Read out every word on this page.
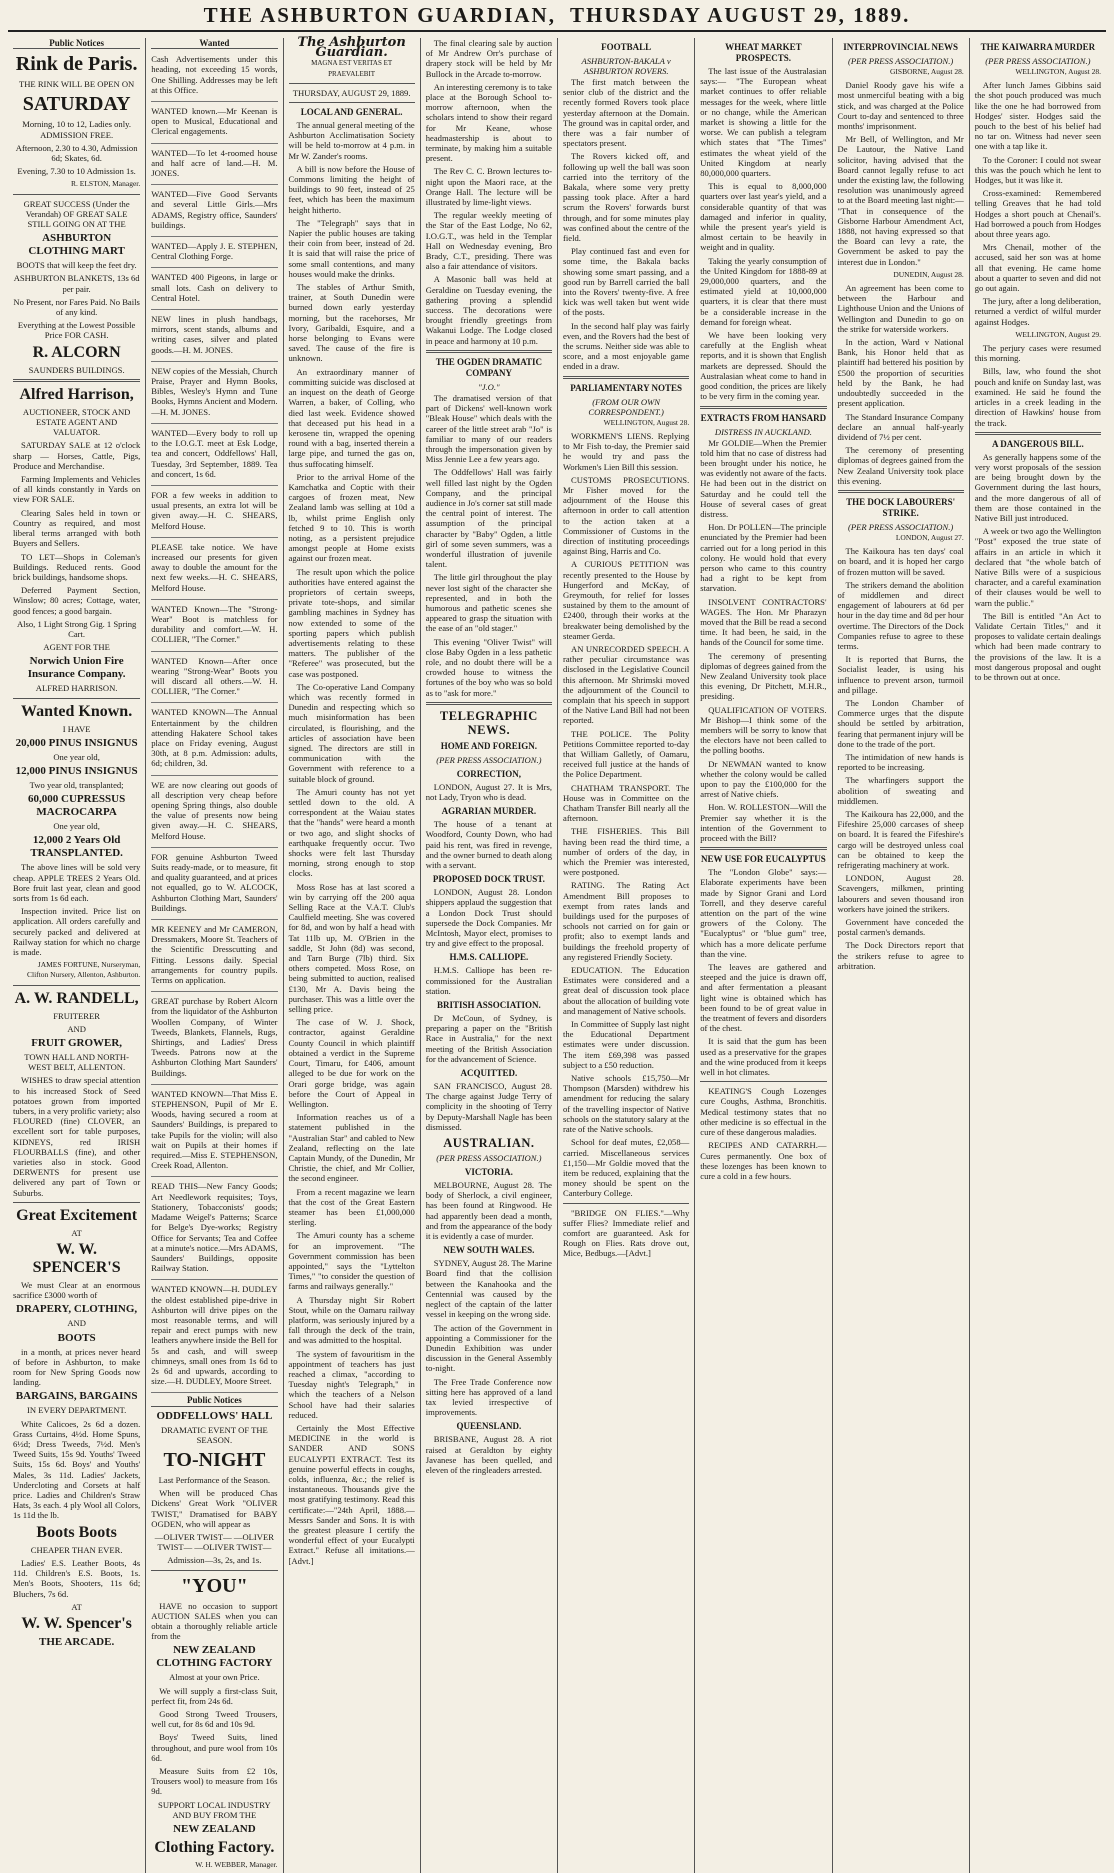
THE ASHBURTON GUARDIAN, THURSDAY AUGUST 29, 1889.
Public Notices
Rink de Paris.

THE RINK WILL BE OPEN ON

SATURDAY

Morning, 10 to 12, Ladies only. ADMISSION FREE.

Afternoon, 2.30 to 4.30, Admission 6d; Skates, 6d.

Evening, 7.30 to 10 Admission 1s.

R. ELSTON, Manager.

GREAT SUCCESS (Under the Verandah) OF GREAT SALE STILL GOING ON AT THE

ASHBURTON CLOTHING MART

BOOTS that will keep the feet dry.

ASHBURTON BLANKETS, 13s 6d per pair.

No Present, nor Fares Paid. No Bails of any kind.

Everything at the Lowest Possible Price FOR CASH.

R. ALCORN

SAUNDERS BUILDINGS.

Alfred Harrison,

AUCTIONEER, STOCK AND ESTATE AGENT AND VALUATOR.

SATURDAY SALE at 12 o'clock sharp — Horses, Cattle, Pigs, Produce and Merchandise.

Farming Implements and Vehicles of all kinds constantly in Yards on view FOR SALE.

Clearing Sales held in town or Country as required, and most liberal terms arranged with both Buyers and Sellers.

TO LET—Shops in Coleman's Buildings. Reduced rents. Good brick buildings, handsome shops.

Deferred Payment Section, Winslow; 80 acres; Cottage, water, good fences; a good bargain.

Also, 1 Light Strong Gig. 1 Spring Cart.

AGENT FOR THE

Norwich Union Fire Insurance Company.

ALFRED HARRISON.

Wanted Known.

I HAVE

20,000 PINUS INSIGNUS

One year old,

12,000 PINUS INSIGNUS

Two year old, transplanted;

60,000 CUPRESSUS MACROCARPA

One year old,

12,000 2 Years Old TRANSPLANTED.

The above lines will be sold very cheap. APPLE TREES 2 Years Old. Bore fruit last year, clean and good sorts from 1s 6d each.

Inspection invited. Price list on application. All orders carefully and securely packed and delivered at Railway station for which no charge is made.

JAMES FORTUNE, Nurseryman, Clifton Nursery, Allenton, Ashburton.

A. W. RANDELL,

FRUITERER

AND

FRUIT GROWER,

TOWN HALL AND NORTH-WEST BELT, ALLENTON.

WISHES to draw special attention to his increased Stock of Seed potatoes grown from imported tubers, in a very prolific variety; also FLOURED (fine) CLOVER, an excellent sort for table purposes, KIDNEYS, red IRISH FLOURBALLS (fine), and other varieties also in stock. Good DERWENTS for present use delivered any part of Town or Suburbs.

Great Excitement

AT

W. W. SPENCER'S

We must Clear at an enormous sacrifice £3000 worth of

DRAPERY, CLOTHING,

AND

BOOTS

in a month, at prices never heard of before in Ashburton, to make room for New Spring Goods now landing.

BARGAINS, BARGAINS

IN EVERY DEPARTMENT.

White Calicoes, 2s 6d a dozen. Grass Curtains, 4½d. Home Spuns, 6½d; Dress Tweeds, 7½d. Men's Tweed Suits, 15s 9d. Youths' Tweed Suits, 15s 6d. Boys' and Youths' Males, 3s 11d. Ladies' Jackets, Undercloting and Corsets at half price. Ladies and Children's Straw Hats, 3s each. 4 ply Wool all Colors, 1s 11d the lb.

Boots Boots

CHEAPER THAN EVER.

Ladies' E.S. Leather Boots, 4s 11d. Children's E.S. Boots, 1s. Men's Boots, Shooters, 11s 6d; Bluchers, 7s 6d.

AT

W. W. Spencer's
THE ARCADE.
Wanted

Cash Advertisements under this heading, not exceeding 15 words, One Shilling. Addresses may be left at this Office.

WANTED known.—Mr Keenan is open to Musical, Educational and Clerical engagements.

WANTED—To let 4-roomed house and half acre of land.—H. M. JONES.

WANTED—Five Good Servants and several Little Girls.—Mrs ADAMS, Registry office, Saunders' buildings.

WANTED—Apply J. E. STEPHEN, Central Clothing Forge.

WANTED 400 Pigeons, in large or small lots. Cash on delivery to Central Hotel.

NEW lines in plush handbags, mirrors, scent stands, albums and writing cases, silver and plated goods.—H. M. JONES.

NEW copies of the Messiah, Church Praise, Prayer and Hymn Books, Bibles, Wesley's Hymn and Tune Books, Hymns Ancient and Modern.—H. M. JONES.

WANTED—Every body to roll up to the I.O.G.T. meet at Esk Lodge, tea and concert, Oddfellows' Hall, Tuesday, 3rd September, 1889. Tea and concert, 1s 6d.

FOR a few weeks in addition to usual presents, an extra lot will be given away.—H. C. SHEARS, Melford House.

PLEASE take notice. We have increased our presents for given away to double the amount for the next few weeks.—H. C. SHEARS, Melford House.

WANTED Known—The "Strong-Wear" Boot is matchless for durability and comfort.—W. H. COLLIER, "The Corner."

WANTED Known—After once wearing "Strong-Wear" Boots you will discard all others.—W. H. COLLIER, "The Corner."

WANTED KNOWN—The Annual Entertainment by the children attending Hakatere School takes place on Friday evening, August 30th, at 8 p.m. Admission: adults, 6d; children, 3d.

WE are now clearing out goods of all description very cheap before opening Spring things, also double the value of presents now being given away.—H. C. SHEARS, Melford House.

FOR genuine Ashburton Tweed Suits ready-made, or to measure, fit and quality guaranteed, and at prices not equalled, go to W. ALCOCK, Ashburton Clothing Mart, Saunders' Buildings.

MR KEENEY and Mr CAMERON, Dressmakers, Moore St. Teachers of the Scientific Dresscutting and Fitting. Lessons daily. Special arrangements for country pupils. Terms on application.

GREAT purchase by Robert Alcorn from the liquidator of the Ashburton Woollen Company, of Winter Tweeds, Blankets, Flannels, Rugs, Shirtings, and Ladies' Dress Tweeds. Patrons now at the Ashburton Clothing Mart Saunders' Buildings.

WANTED KNOWN—That Miss E. STEPHENSON, Pupil of Mr E. Woods, having secured a room at Saunders' Buildings, is prepared to take Pupils for the violin; will also wait on Pupils at their homes if required.—Miss E. STEPHENSON, Creek Road, Allenton.

READ THIS—New Fancy Goods; Art Needlework requisites; Toys, Stationery, Tobacconists' goods; Madame Weigel's Patterns; Scarce for Belge's Dye-works; Registry Office for Servants; Tea and Coffee at a minute's notice.—Mrs ADAMS, Saunders' Buildings, opposite Railway Station.

WANTED KNOWN—H. DUDLEY the oldest established pipe-drive in Ashburton will drive pipes on the most reasonable terms, and will repair and erect pumps with new leathers anywhere inside the Bell for 5s and cash, and will sweep chimneys, small ones from 1s 6d to 2s 6d and upwards, according to size.—H. DUDLEY, Moore Street.

Public Notices
ODDFELLOWS' HALL

DRAMATIC EVENT OF THE SEASON.

TO-NIGHT

Last Performance of the Season.

When will be produced Chas Dickens' Great Work "OLIVER TWIST," Dramatised for BABY OGDEN, who will appear as

—OLIVER TWIST— —OLIVER TWIST— —OLIVER TWIST—

Admission—3s, 2s, and 1s.

"YOU"

HAVE no occasion to support AUCTION SALES when you can obtain a thoroughly reliable article from the

NEW ZEALAND CLOTHING FACTORY

Almost at your own Price.

We will supply a first-class Suit, perfect fit, from 24s 6d.

Good Strong Tweed Trousers, well cut, for 8s 6d and 10s 9d.

Boys' Tweed Suits, lined throughout, and pure wool from 10s 6d.

Measure Suits from £2 10s, Trousers wool) to measure from 16s 9d.

SUPPORT LOCAL INDUSTRY AND BUY FROM THE

NEW ZEALAND
Clothing Factory.

W. H. WEBBER, Manager.

The Ashburton Guardian.

MAGNA EST VERITAS ET PRAEVALEBIT

THURSDAY, AUGUST 29, 1889.

LOCAL AND GENERAL.

The annual general meeting of the Ashburton Acclimatisation Society will be held to-morrow at 4 p.m. in Mr W. Zander's rooms.

A bill is now before the House of Commons limiting the height of buildings to 90 feet, instead of 25 feet, which has been the maximum height hitherto.

The "Telegraph" says that in Napier the public houses are taking their coin from beer, instead of 2d. It is said that will raise the price of some small contentions, and many houses would make the drinks.

The stables of Arthur Smith, trainer, at South Dunedin were burned down early yesterday morning, but the racehorses, Mr Ivory, Garibaldi, Esquire, and a horse belonging to Evans were saved. The cause of the fire is unknown.

An extraordinary manner of committing suicide was disclosed at an inquest on the death of George Warren, a baker, of Colling, who died last week. Evidence showed that deceased put his head in a kerosene tin, wrapped the opening round with a bag, inserted therein a large pipe, and turned the gas on, thus suffocating himself.

Prior to the arrival Home of the Kamchatka and Coptic with their cargoes of frozen meat, New Zealand lamb was selling at 10d a lb, whilst prime English only fetched 9 to 10. This is worth noting, as a persistent prejudice amongst people at Home exists against our frozen meat.

The result upon which the police authorities have entered against the proprietors of certain sweeps, private tote-shops, and similar gambling machines in Sydney has now extended to some of the sporting papers which publish advertisements relating to these matters. The publisher of the "Referee" was prosecuted, but the case was postponed.

The Co-operative Land Company which was recently formed in Dunedin and respecting which so much misinformation has been circulated, is flourishing, and the articles of association have been signed. The directors are still in communication with the Government with reference to a suitable block of ground.

The Amuri county has not yet settled down to the old. A correspondent at the Waiau states that the "hands" were heard a month or two ago, and slight shocks of earthquake frequently occur. Two shocks were felt last Thursday morning, strong enough to stop clocks.

Moss Rose has at last scored a win by carrying off the 200 aqua Selling Race at the V.A.T. Club's Caulfield meeting. She was covered for 8d, and won by half a head with Tat 11lb up, M. O'Brien in the saddle, St John (8d) was second, and Tarn Burge (7lb) third. Six others competed. Moss Rose, on being submitted to auction, realised £130, Mr A. Davis being the purchaser. This was a little over the selling price.

The case of W. J. Shock, contractor, against Geraldine County Council in which plaintiff obtained a verdict in the Supreme Court, Timaru, for £406, amount alleged to be due for work on the Orari gorge bridge, was again before the Court of Appeal in Wellington.

Information reaches us of a statement published in the "Australian Star" and cabled to New Zealand, reflecting on the late Captain Mundy, of the Dunedin, Mr Christie, the chief, and Mr Collier, the second engineer.

From a recent magazine we learn that the cost of the Great Eastern steamer has been £1,000,000 sterling.

The Amuri county has a scheme for an improvement. "The Government commission has been appointed," says the "Lyttelton Times," "to consider the question of farms and railways generally."

A Thursday night Sir Robert Stout, while on the Oamaru railway platform, was seriously injured by a fall through the deck of the train, and was admitted to the hospital.

The system of favouritism in the appointment of teachers has just reached a climax, "according to Tuesday night's Telegraph," in which the teachers of a Nelson School have had their salaries reduced.

Certainly the Most Effective MEDICINE in the world is SANDER AND SONS EUCALYPTI EXTRACT. Test its genuine powerful effects in coughs, colds, influenza, &c.; the relief is instantaneous. Thousands give the most gratifying testimony. Read this certificate:—"24th April, 1888.—Messrs Sander and Sons. It is with the greatest pleasure I certify the wonderful effect of your Eucalypti Extract." Refuse all imitations.—[Advt.]

The final clearing sale by auction of Mr Andrew Orr's purchase of drapery stock will be held by Mr Bullock in the Arcade to-morrow.

An interesting ceremony is to take place at the Borough School to-morrow afternoon, when the scholars intend to show their regard for Mr Keane, whose headmastership is about to terminate, by making him a suitable present.

The Rev C. C. Brown lectures to-night upon the Maori race, at the Orange Hall. The lecture will be illustrated by lime-light views.

The regular weekly meeting of the Star of the East Lodge, No 62, I.O.G.T., was held in the Templar Hall on Wednesday evening, Bro Brady, C.T., presiding. There was also a fair attendance of visitors.

A Masonic ball was held at Geraldine on Tuesday evening, the gathering proving a splendid success. The decorations were brought friendly greetings from Wakanui Lodge. The Lodge closed in peace and harmony at 10 p.m.

THE OGDEN DRAMATIC COMPANY
"J.O."

The dramatised version of that part of Dickens' well-known work "Bleak House" which deals with the career of the little street arab "Jo" is familiar to many of our readers through the impersonation given by Miss Jennie Lee a few years ago.

The Oddfellows' Hall was fairly well filled last night by the Ogden Company, and the principal audience in Jo's corner sat still made the central point of interest. The assumption of the principal character by "Baby" Ogden, a little girl of some seven summers, was a wonderful illustration of juvenile talent.

The little girl throughout the play never lost sight of the character she represented, and in both the humorous and pathetic scenes she appeared to grasp the situation with the ease of an "old stager."

This evening "Oliver Twist" will close Baby Ogden in a less pathetic role, and no doubt there will be a crowded house to witness the fortunes of the boy who was so bold as to "ask for more."

TELEGRAPHIC NEWS.
HOME AND FOREIGN.
(PER PRESS ASSOCIATION.)
CORRECTION,

LONDON, August 27. It is Mrs, not Lady, Tryon who is dead.

AGRARIAN MURDER.

The house of a tenant at Woodford, County Down, who had paid his rent, was fired in revenge, and the owner burned to death along with a servant.

PROPOSED DOCK TRUST.

LONDON, August 28. London shippers applaud the suggestion that a London Dock Trust should supersede the Dock Companies. Mr McIntosh, Mayor elect, promises to try and give effect to the proposal.

H.M.S. CALLIOPE.

H.M.S. Calliope has been re-commissioned for the Australian station.

BRITISH ASSOCIATION.

Dr McCoun, of Sydney, is preparing a paper on the "British Race in Australia," for the next meeting of the British Association for the advancement of Science.

ACQUITTED.

SAN FRANCISCO, August 28. The charge against Judge Terry of complicity in the shooting of Terry by Deputy-Marshall Nagle has been dismissed.

AUSTRALIAN.
(PER PRESS ASSOCIATION.)
VICTORIA.

MELBOURNE, August 28. The body of Sherlock, a civil engineer, has been found at Ringwood. He had apparently been dead a month, and from the appearance of the body it is evidently a case of murder.

NEW SOUTH WALES.

SYDNEY, August 28. The Marine Board find that the collision between the Kanahooka and the Centennial was caused by the neglect of the captain of the latter vessel in keeping on the wrong side.

The action of the Government in appointing a Commissioner for the Dunedin Exhibition was under discussion in the General Assembly to-night.

The Free Trade Conference now sitting here has approved of a land tax levied irrespective of improvements.

QUEENSLAND.

BRISBANE, August 28. A riot raised at Geraldton by eighty Javanese has been quelled, and eleven of the ringleaders arrested.

FOOTBALL
ASHBURTON-BAKALA v ASHBURTON ROVERS.

The first match between the senior club of the district and the recently formed Rovers took place yesterday afternoon at the Domain. The ground was in capital order, and there was a fair number of spectators present.

The Rovers kicked off, and following up well the ball was soon carried into the territory of the Bakala, where some very pretty passing took place. After a hard scrum the Rovers' forwards burst through, and for some minutes play was confined about the centre of the field.

Play continued fast and even for some time, the Bakala backs showing some smart passing, and a good run by Barrell carried the ball into the Rovers' twenty-five. A free kick was well taken but went wide of the posts.

In the second half play was fairly even, and the Rovers had the best of the scrums. Neither side was able to score, and a most enjoyable game ended in a draw.

PARLIAMENTARY NOTES
(FROM OUR OWN CORRESPONDENT.)

WELLINGTON, August 28.

WORKMEN'S LIENS. Replying to Mr Fish to-day, the Premier said he would try and pass the Workmen's Lien Bill this session.

CUSTOMS PROSECUTIONS. Mr Fisher moved for the adjournment of the House this afternoon in order to call attention to the action taken at a Commissioner of Customs in the direction of instituting proceedings against Bing, Harris and Co.

A CURIOUS PETITION was recently presented to the House by Hungerford and McKay, of Greymouth, for relief for losses sustained by them to the amount of £2400, through their works at the breakwater being demolished by the steamer Gerda.

AN UNRECORDED SPEECH. A rather peculiar circumstance was disclosed in the Legislative Council this afternoon. Mr Shrimski moved the adjournment of the Council to complain that his speech in support of the Native Land Bill had not been reported.

THE POLICE. The Polity Petitions Committee reported to-day that William Galletly, of Oamaru, received full justice at the hands of the Police Department.

CHATHAM TRANSPORT. The House was in Committee on the Chatham Transfer Bill nearly all the afternoon.

THE FISHERIES. This Bill having been read the third time, a number of orders of the day, in which the Premier was interested, were postponed.

RATING. The Rating Act Amendment Bill proposes to exempt from rates lands and buildings used for the purposes of schools not carried on for gain or profit; also to exempt lands and buildings the freehold property of any registered Friendly Society.

EDUCATION. The Education Estimates were considered and a great deal of discussion took place about the allocation of building vote and management of Native schools.

In Committee of Supply last night the Educational Department estimates were under discussion. The item £69,398 was passed subject to a £50 reduction.

Native schools £15,750—Mr Thompson (Marsden) withdrew his amendment for reducing the salary of the travelling inspector of Native schools on the statutory salary at the rate of the Native schools.

School for deaf mutes, £2,058—carried. Miscellaneous services £1,150—Mr Goldie moved that the item be reduced, explaining that the money should be spent on the Canterbury College.

"BRIDGE ON FLIES."—Why suffer Flies? Immediate relief and comfort are guaranteed. Ask for Rough on Flies. Rats drove out, Mice, Bedbugs.—[Advt.]

WHEAT MARKET PROSPECTS.

The last issue of the Australasian says:— "The European wheat market continues to offer reliable messages for the week, where little or no change, while the American market is showing a little for the worse. We can publish a telegram which states that "The Times" estimates the wheat yield of the United Kingdom at nearly 80,000,000 quarters.

This is equal to 8,000,000 quarters over last year's yield, and a considerable quantity of that was damaged and inferior in quality, while the present year's yield is almost certain to be heavily in weight and in quality.

Taking the yearly consumption of the United Kingdom for 1888-89 at 29,000,000 quarters, and the estimated yield at 10,000,000 quarters, it is clear that there must be a considerable increase in the demand for foreign wheat.

We have been looking very carefully at the English wheat reports, and it is shown that English markets are depressed. Should the Australasian wheat come to hand in good condition, the prices are likely to be very firm in the coming year.

EXTRACTS FROM HANSARD
DISTRESS IN AUCKLAND.

Mr GOLDIE—When the Premier told him that no case of distress had been brought under his notice, he was evidently not aware of the facts. He had been out in the district on Saturday and he could tell the House of several cases of great distress.

Hon. Dr POLLEN—The principle enunciated by the Premier had been carried out for a long period in this colony. He would hold that every person who came to this country had a right to be kept from starvation.

INSOLVENT CONTRACTORS' WAGES. The Hon. Mr Pharazyn moved that the Bill be read a second time. It had been, he said, in the hands of the Council for some time.

The ceremony of presenting diplomas of degrees gained from the New Zealand University took place this evening, Dr Pitchett, M.H.R., presiding.

QUALIFICATION OF VOTERS. Mr Bishop—I think some of the members will be sorry to know that the electors have not been called to the polling booths.

Dr NEWMAN wanted to know whether the colony would be called upon to pay the £100,000 for the arrest of Native chiefs.

Hon. W. ROLLESTON—Will the Premier say whether it is the intention of the Government to proceed with the Bill?

NEW USE FOR EUCALYPTUS

The "London Globe" says:—Elaborate experiments have been made by Signor Grani and Lord Torrell, and they deserve careful attention on the part of the wine growers of the Colony. The "Eucalyptus" or "blue gum" tree, which has a more delicate perfume than the vine.

The leaves are gathered and steeped and the juice is drawn off, and after fermentation a pleasant light wine is obtained which has been found to be of great value in the treatment of fevers and disorders of the chest.

It is said that the gum has been used as a preservative for the grapes and the wine produced from it keeps well in hot climates.

KEATING'S Cough Lozenges cure Coughs, Asthma, Bronchitis. Medical testimony states that no other medicine is so effectual in the cure of these dangerous maladies.

RECIPES AND CATARRH.—Cures permanently. One box of these lozenges has been known to cure a cold in a few hours.

INTERPROVINCIAL NEWS
(PER PRESS ASSOCIATION.)

GISBORNE, August 28.

Daniel Roody gave his wife a most unmerciful beating with a big stick, and was charged at the Police Court to-day and sentenced to three months' imprisonment.

Mr Bell, of Wellington, and Mr De Lautour, the Native Land solicitor, having advised that the Board cannot legally refuse to act under the existing law, the following resolution was unanimously agreed to at the Board meeting last night:— "That in consequence of the Gisborne Harbour Amendment Act, 1888, not having expressed so that the Board can levy a rate, the Government be asked to pay the interest due in London."

DUNEDIN, August 28.

An agreement has been come to between the Harbour and Lighthouse Union and the Unions of Wellington and Dunedin to go on the strike for waterside workers.

In the action, Ward v National Bank, his Honor held that as plaintiff had bettered his position by £500 the proportion of securities held by the Bank, he had undoubtedly succeeded in the present application.

The Standard Insurance Company declare an annual half-yearly dividend of 7½ per cent.

The ceremony of presenting diplomas of degrees gained from the New Zealand University took place this evening.

THE DOCK LABOURERS' STRIKE.
(PER PRESS ASSOCIATION.)

LONDON, August 27.

The Kaikoura has ten days' coal on board, and it is hoped her cargo of frozen mutton will be saved.

The strikers demand the abolition of middlemen and direct engagement of labourers at 6d per hour in the day time and 8d per hour overtime. The Directors of the Dock Companies refuse to agree to these terms.

It is reported that Burns, the Socialist leader, is using his influence to prevent arson, turmoil and pillage.

The London Chamber of Commerce urges that the dispute should be settled by arbitration, fearing that permanent injury will be done to the trade of the port.

The intimidation of new hands is reported to be increasing.

The wharfingers support the abolition of sweating and middlemen.

The Kaikoura has 22,000, and the Fifeshire 25,000 carcases of sheep on board. It is feared the Fifeshire's cargo will be destroyed unless coal can be obtained to keep the refrigerating machinery at work.

LONDON, August 28. Scavengers, milkmen, printing labourers and seven thousand iron workers have joined the strikers.

Government have conceded the postal carmen's demands.

The Dock Directors report that the strikers refuse to agree to arbitration.

THE KAIWARRA MURDER
(PER PRESS ASSOCIATION.)

WELLINGTON, August 28.

After lunch James Gibbins said the shot pouch produced was much like the one he had borrowed from Hodges' sister. Hodges said the pouch to the best of his belief had no tar on. Witness had never seen one with a tap like it.

To the Coroner: I could not swear this was the pouch which he lent to Hodges, but it was like it.

Cross-examined: Remembered telling Greaves that he had told Hodges a short pouch at Chenail's. Had borrowed a pouch from Hodges about three years ago.

Mrs Chenail, mother of the accused, said her son was at home all that evening. He came home about a quarter to seven and did not go out again.

The jury, after a long deliberation, returned a verdict of wilful murder against Hodges.

WELLINGTON, August 29.

The perjury cases were resumed this morning.

Bills, law, who found the shot pouch and knife on Sunday last, was examined. He said he found the articles in a creek leading in the direction of Hawkins' house from the track.

A DANGEROUS BILL.

As generally happens some of the very worst proposals of the session are being brought down by the Government during the last hours, and the more dangerous of all of them are those contained in the Native Bill just introduced.

A week or two ago the Wellington "Post" exposed the true state of affairs in an article in which it declared that "the whole batch of Native Bills were of a suspicious character, and a careful examination of their clauses would be well to warn the public."

The Bill is entitled "An Act to Validate Certain Titles," and it proposes to validate certain dealings which had been made contrary to the provisions of the law. It is a most dangerous proposal and ought to be thrown out at once.
